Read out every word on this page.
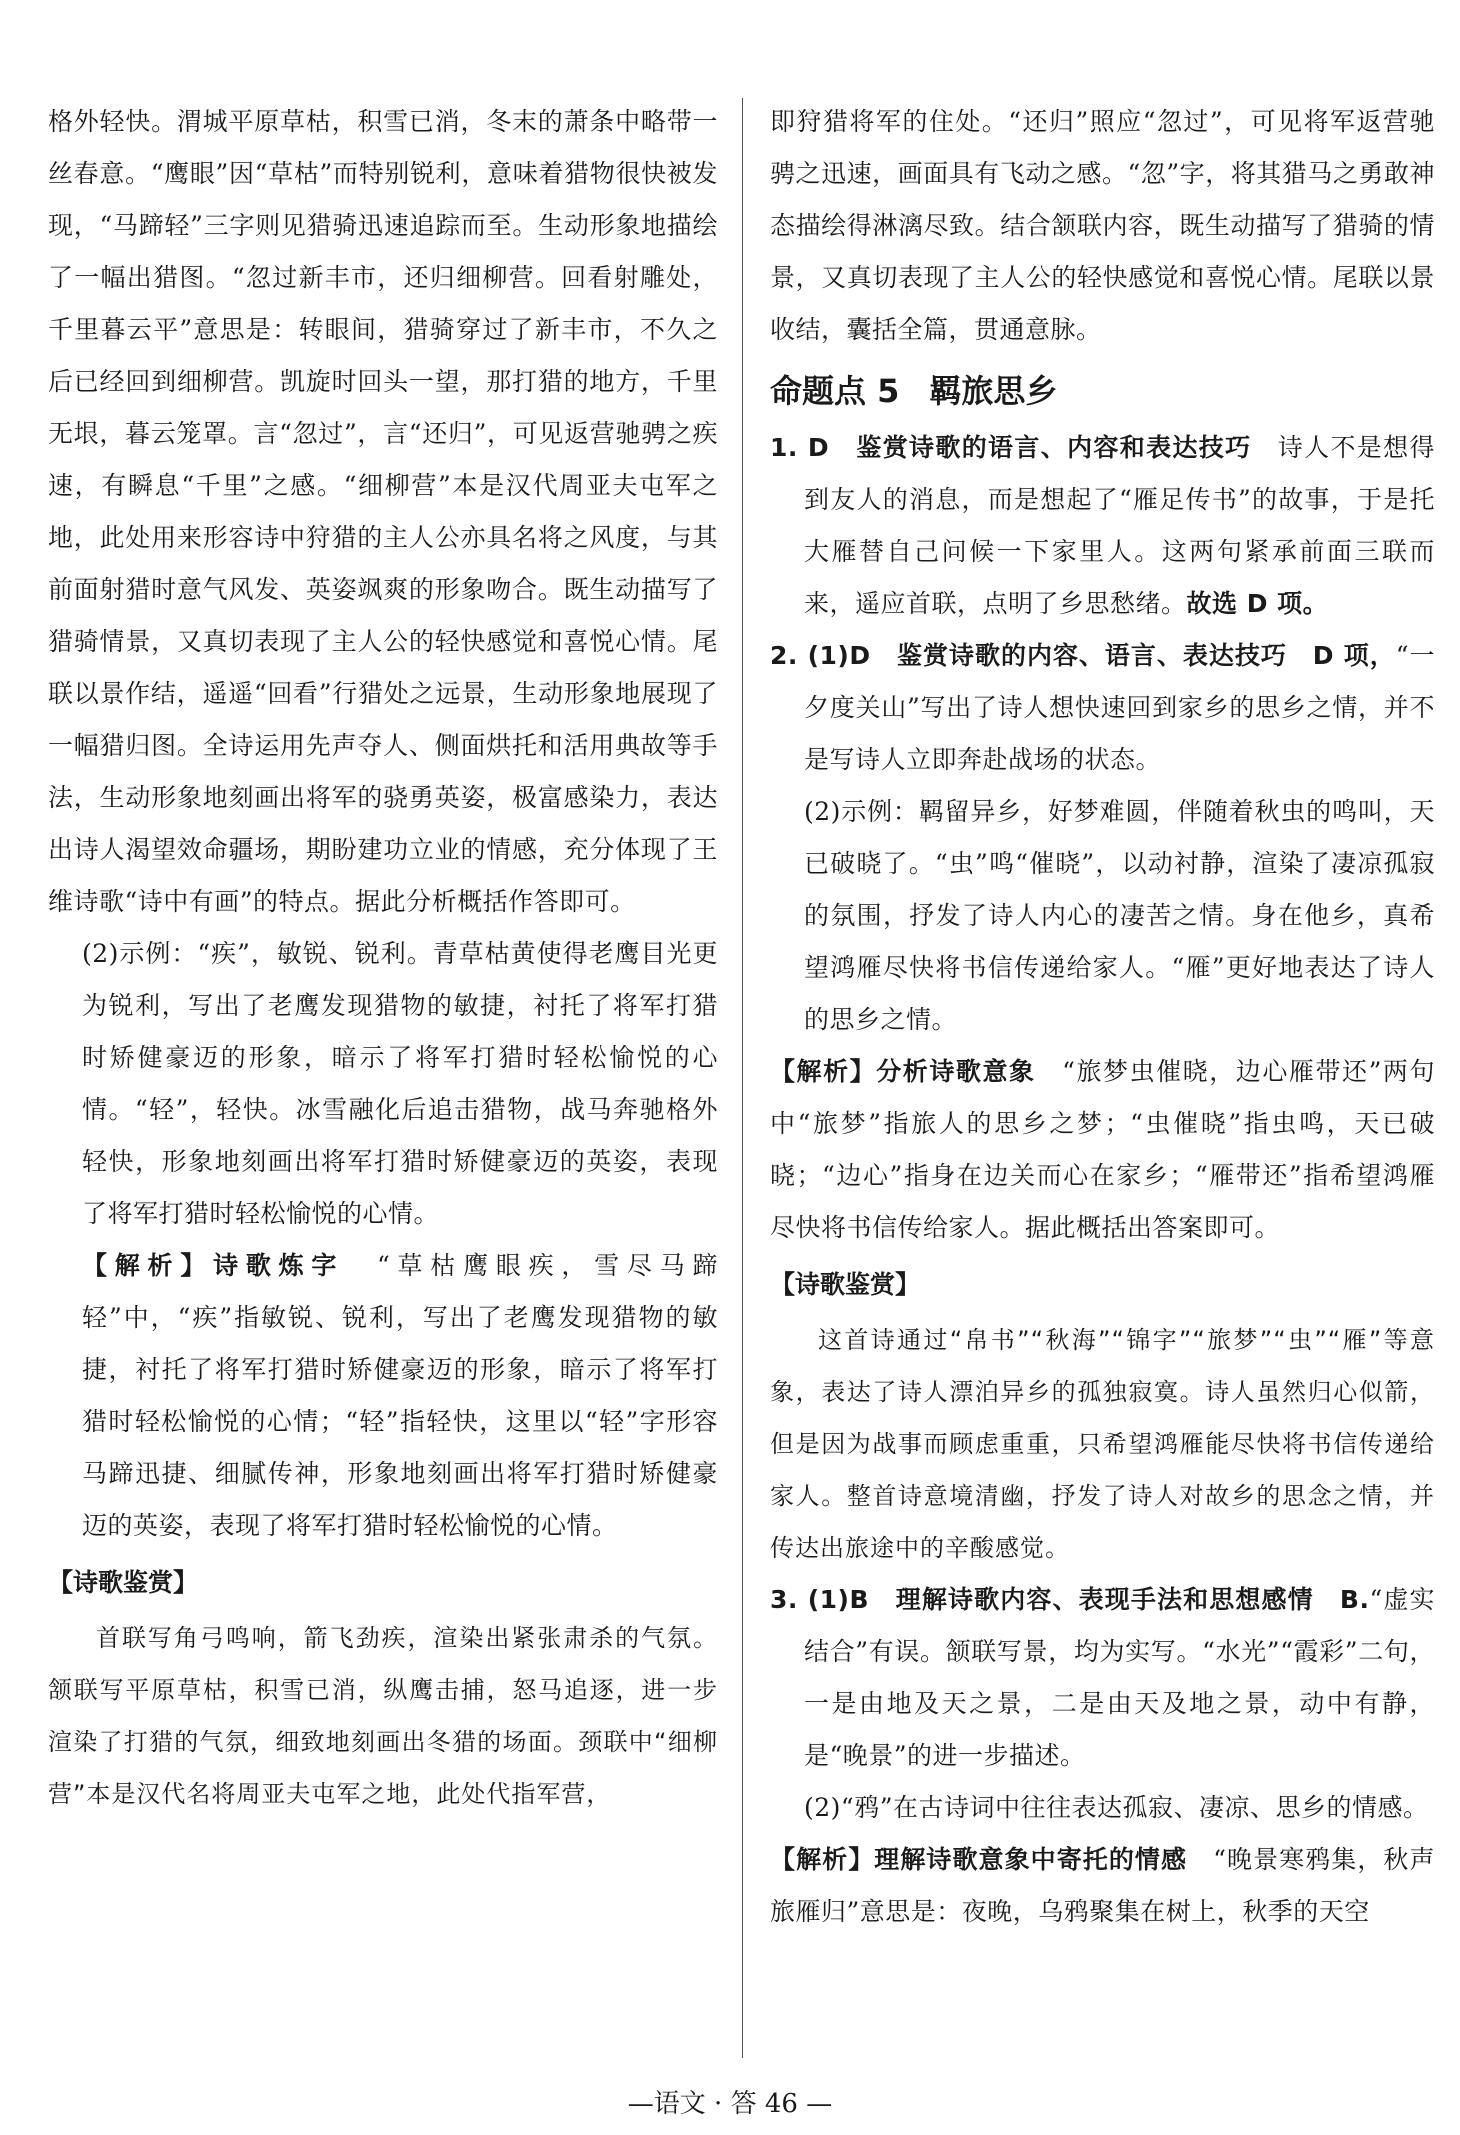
格外轻快。渭城平原草枯，积雪已消，冬末的萧条中略带一丝春意。“鹰眼”因“草枯”而特别锐利，意味着猎物很快被发现，“马蹄轻”三字则见猎骑迅速追踪而至。生动形象地描绘了一幅出猎图。“忽过新丰市，还归细柳营。回看射雕处，千里暮云平”意思是：转眼间，猎骑穿过了新丰市，不久之后已经回到细柳营。凯旋时回头一望，那打猎的地方，千里无垠，暮云笼罩。言“忽过”，言“还归”，可见返营驰骋之疾速，有瞬息“千里”之感。“细柳营”本是汉代周亚夫屯军之地，此处用来形容诗中狩猎的主人公亦具名将之风度，与其前面射猎时意气风发、英姿飒爽的形象吻合。既生动描写了猎骑情景，又真切表现了主人公的轻快感觉和喜悦心情。尾联以景作结，遥遥“回看”行猎处之远景，生动形象地展现了一幅猎归图。全诗运用先声夺人、侧面烘托和活用典故等手法，生动形象地刻画出将军的骁勇英姿，极富感染力，表达出诗人渴望效命疆场，期盼建功立业的情感，充分体现了王维诗歌“诗中有画”的特点。据此分析概括作答即可。

(2)示例：“疾”，敏锐、锐利。青草枯黄使得老鹰目光更为锐利，写出了老鹰发现猎物的敏捷，衬托了将军打猎时矫健豪迈的形象，暗示了将军打猎时轻松愉悦的心情。“轻”，轻快。冰雪融化后追击猎物，战马奔驰格外轻快，形象地刻画出将军打猎时矫健豪迈的英姿，表现了将军打猎时轻松愉悦的心情。

【解析】诗歌炼字　 “草枯鹰眼疾，雪尽马蹄轻”中，“疾”指敏锐、锐利，写出了老鹰发现猎物的敏捷，衬托了将军打猎时矫健豪迈的形象，暗示了将军打猎时轻松愉悦的心情；“轻”指轻快，这里以“轻”字形容马蹄迅捷、细腻传神，形象地刻画出将军打猎时矫健豪迈的英姿，表现了将军打猎时轻松愉悦的心情。

【诗歌鉴赏】

首联写角弓鸣响，箭飞劲疾，渲染出紧张肃杀的气氛。颔联写平原草枯，积雪已消，纵鹰击捕，怒马追逐，进一步渲染了打猎的气氛，细致地刻画出冬猎的场面。颈联中“细柳营”本是汉代名将周亚夫屯军之地，此处代指军营，

即狩猎将军的住处。“还归”照应“忽过”，可见将军返营驰骋之迅速，画面具有飞动之感。“忽”字，将其猎马之勇敢神态描绘得淋漓尽致。结合颔联内容，既生动描写了猎骑的情景，又真切表现了主人公的轻快感觉和喜悦心情。尾联以景收结，囊括全篇，贯通意脉。

命题点 5 羁旅思乡

1. D　鉴赏诗歌的语言、内容和表达技巧　 诗人不是想得到友人的消息，而是想起了“雁足传书”的故事，于是托大雁替自己问候一下家里人。这两句紧承前面三联而来，遥应首联，点明了乡思愁绪。故选 D 项。

2. (1)D　鉴赏诗歌的内容、语言、表达技巧　 D 项，“一夕度关山”写出了诗人想快速回到家乡的思乡之情，并不是写诗人立即奔赴战场的状态。

(2)示例：羁留异乡，好梦难圆，伴随着秋虫的鸣叫，天已破晓了。“虫”鸣“催晓”，以动衬静，渲染了凄凉孤寂的氛围，抒发了诗人内心的凄苦之情。身在他乡，真希望鸿雁尽快将书信传递给家人。“雁”更好地表达了诗人的思乡之情。

【解析】分析诗歌意象　 “旅梦虫催晓，边心雁带还”两句中“旅梦”指旅人的思乡之梦；“虫催晓”指虫鸣，天已破晓；“边心”指身在边关而心在家乡；“雁带还”指希望鸿雁尽快将书信传给家人。据此概括出答案即可。

【诗歌鉴赏】

这首诗通过“帛书”“秋海”“锦字”“旅梦”“虫”“雁”等意象，表达了诗人漂泊异乡的孤独寂寞。诗人虽然归心似箭，但是因为战事而顾虑重重，只希望鸿雁能尽快将书信传递给家人。整首诗意境清幽，抒发了诗人对故乡的思念之情，并传达出旅途中的辛酸感觉。

3. (1)B　理解诗歌内容、表现手法和思想感情　 B.“虚实结合”有误。颔联写景，均为实写。“水光”“霞彩”二句，一是由地及天之景，二是由天及地之景，动中有静，是“晚景”的进一步描述。

(2)“鸦”在古诗词中往往表达孤寂、凄凉、思乡的情感。

【解析】理解诗歌意象中寄托的情感　 “晚景寒鸦集，秋声旅雁归”意思是：夜晚，乌鸦聚集在树上，秋季的天空

—语文 · 答 46 —
